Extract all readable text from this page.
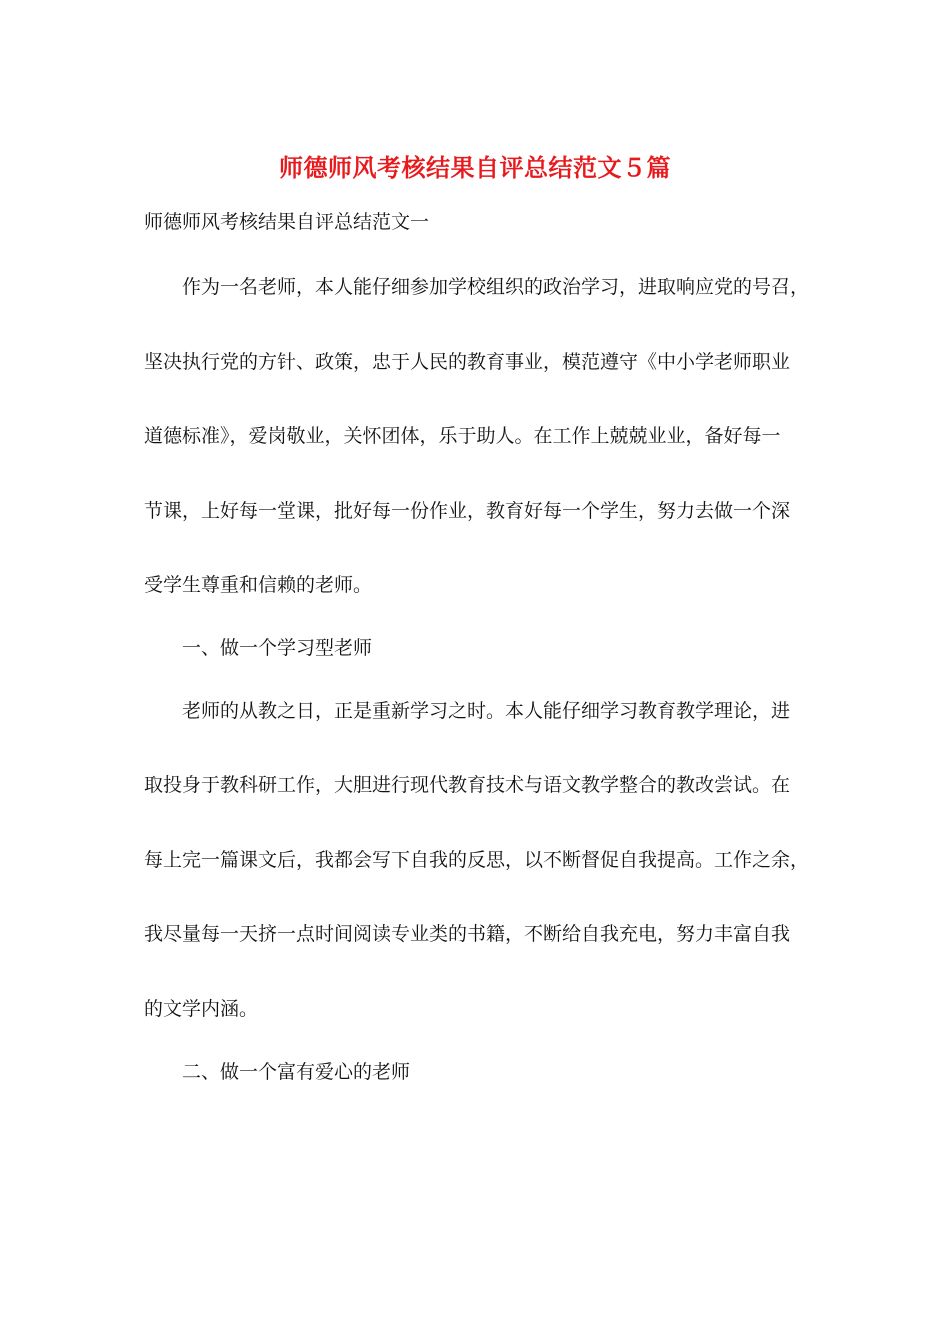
师德师风考核结果自评总结范文５篇

师德师风考核结果自评总结范文一

作为一名老师，本人能仔细参加学校组织的政治学习，进取响应党的号召，

坚决执行党的方针、政策，忠于人民的教育事业，模范遵守《中小学老师职业

道德标准》，爱岗敬业，关怀团体，乐于助人。在工作上兢兢业业，备好每一

节课，上好每一堂课，批好每一份作业，教育好每一个学生，努力去做一个深

受学生尊重和信赖的老师。

一、做一个学习型老师

老师的从教之日，正是重新学习之时。本人能仔细学习教育教学理论，进

取投身于教科研工作，大胆进行现代教育技术与语文教学整合的教改尝试。在

每上完一篇课文后，我都会写下自我的反思，以不断督促自我提高。工作之余，

我尽量每一天挤一点时间阅读专业类的书籍，不断给自我充电，努力丰富自我

的文学内涵。

二、做一个富有爱心的老师
